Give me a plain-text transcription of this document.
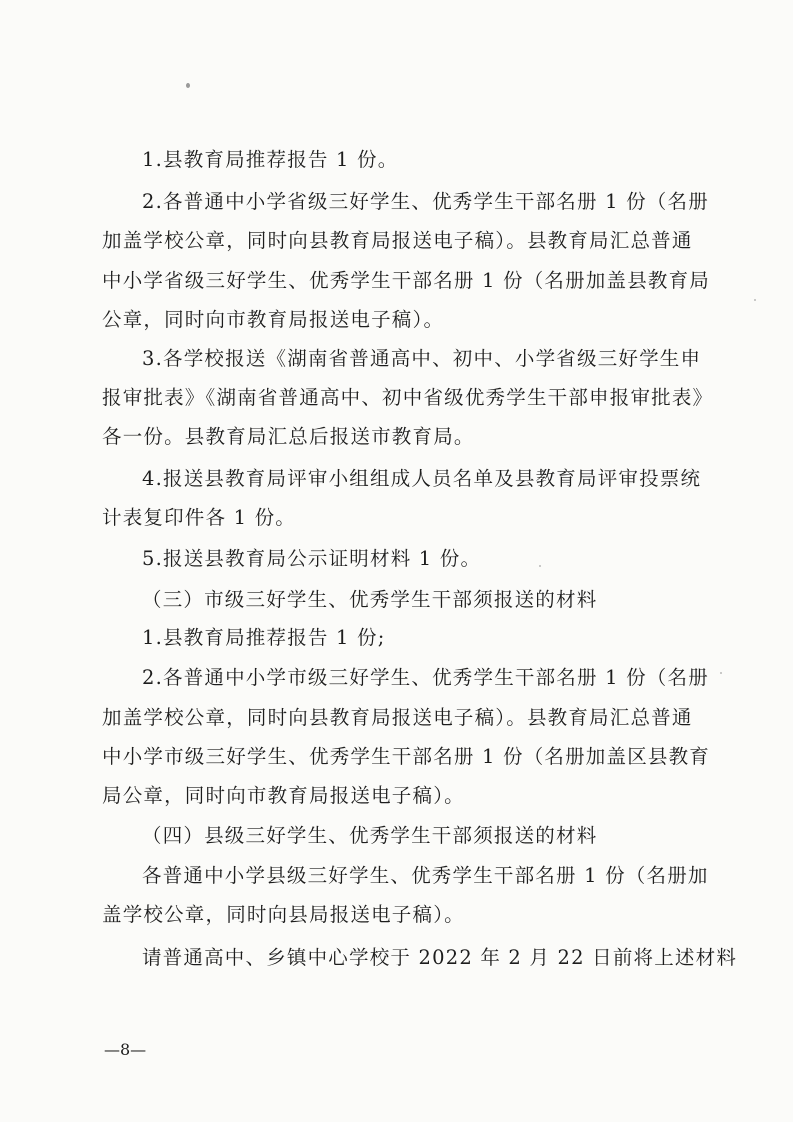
1.县教育局推荐报告 1 份。
2.各普通中小学省级三好学生、优秀学生干部名册 1 份（名册
加盖学校公章，同时向县教育局报送电子稿）。县教育局汇总普通
中小学省级三好学生、优秀学生干部名册 1 份（名册加盖县教育局
公章，同时向市教育局报送电子稿）。
3.各学校报送《湖南省普通高中、初中、小学省级三好学生申
报审批表》《湖南省普通高中、初中省级优秀学生干部申报审批表》
各一份。县教育局汇总后报送市教育局。
4.报送县教育局评审小组组成人员名单及县教育局评审投票统
计表复印件各 1 份。
5.报送县教育局公示证明材料 1 份。
（三）市级三好学生、优秀学生干部须报送的材料
1.县教育局推荐报告 1 份;
2.各普通中小学市级三好学生、优秀学生干部名册 1 份（名册
加盖学校公章，同时向县教育局报送电子稿）。县教育局汇总普通
中小学市级三好学生、优秀学生干部名册 1 份（名册加盖区县教育
局公章，同时向市教育局报送电子稿）。
（四）县级三好学生、优秀学生干部须报送的材料
各普通中小学县级三好学生、优秀学生干部名册 1 份（名册加
盖学校公章，同时向县局报送电子稿）。
请普通高中、乡镇中心学校于 2022 年 2 月 22 日前将上述材料
—8—
